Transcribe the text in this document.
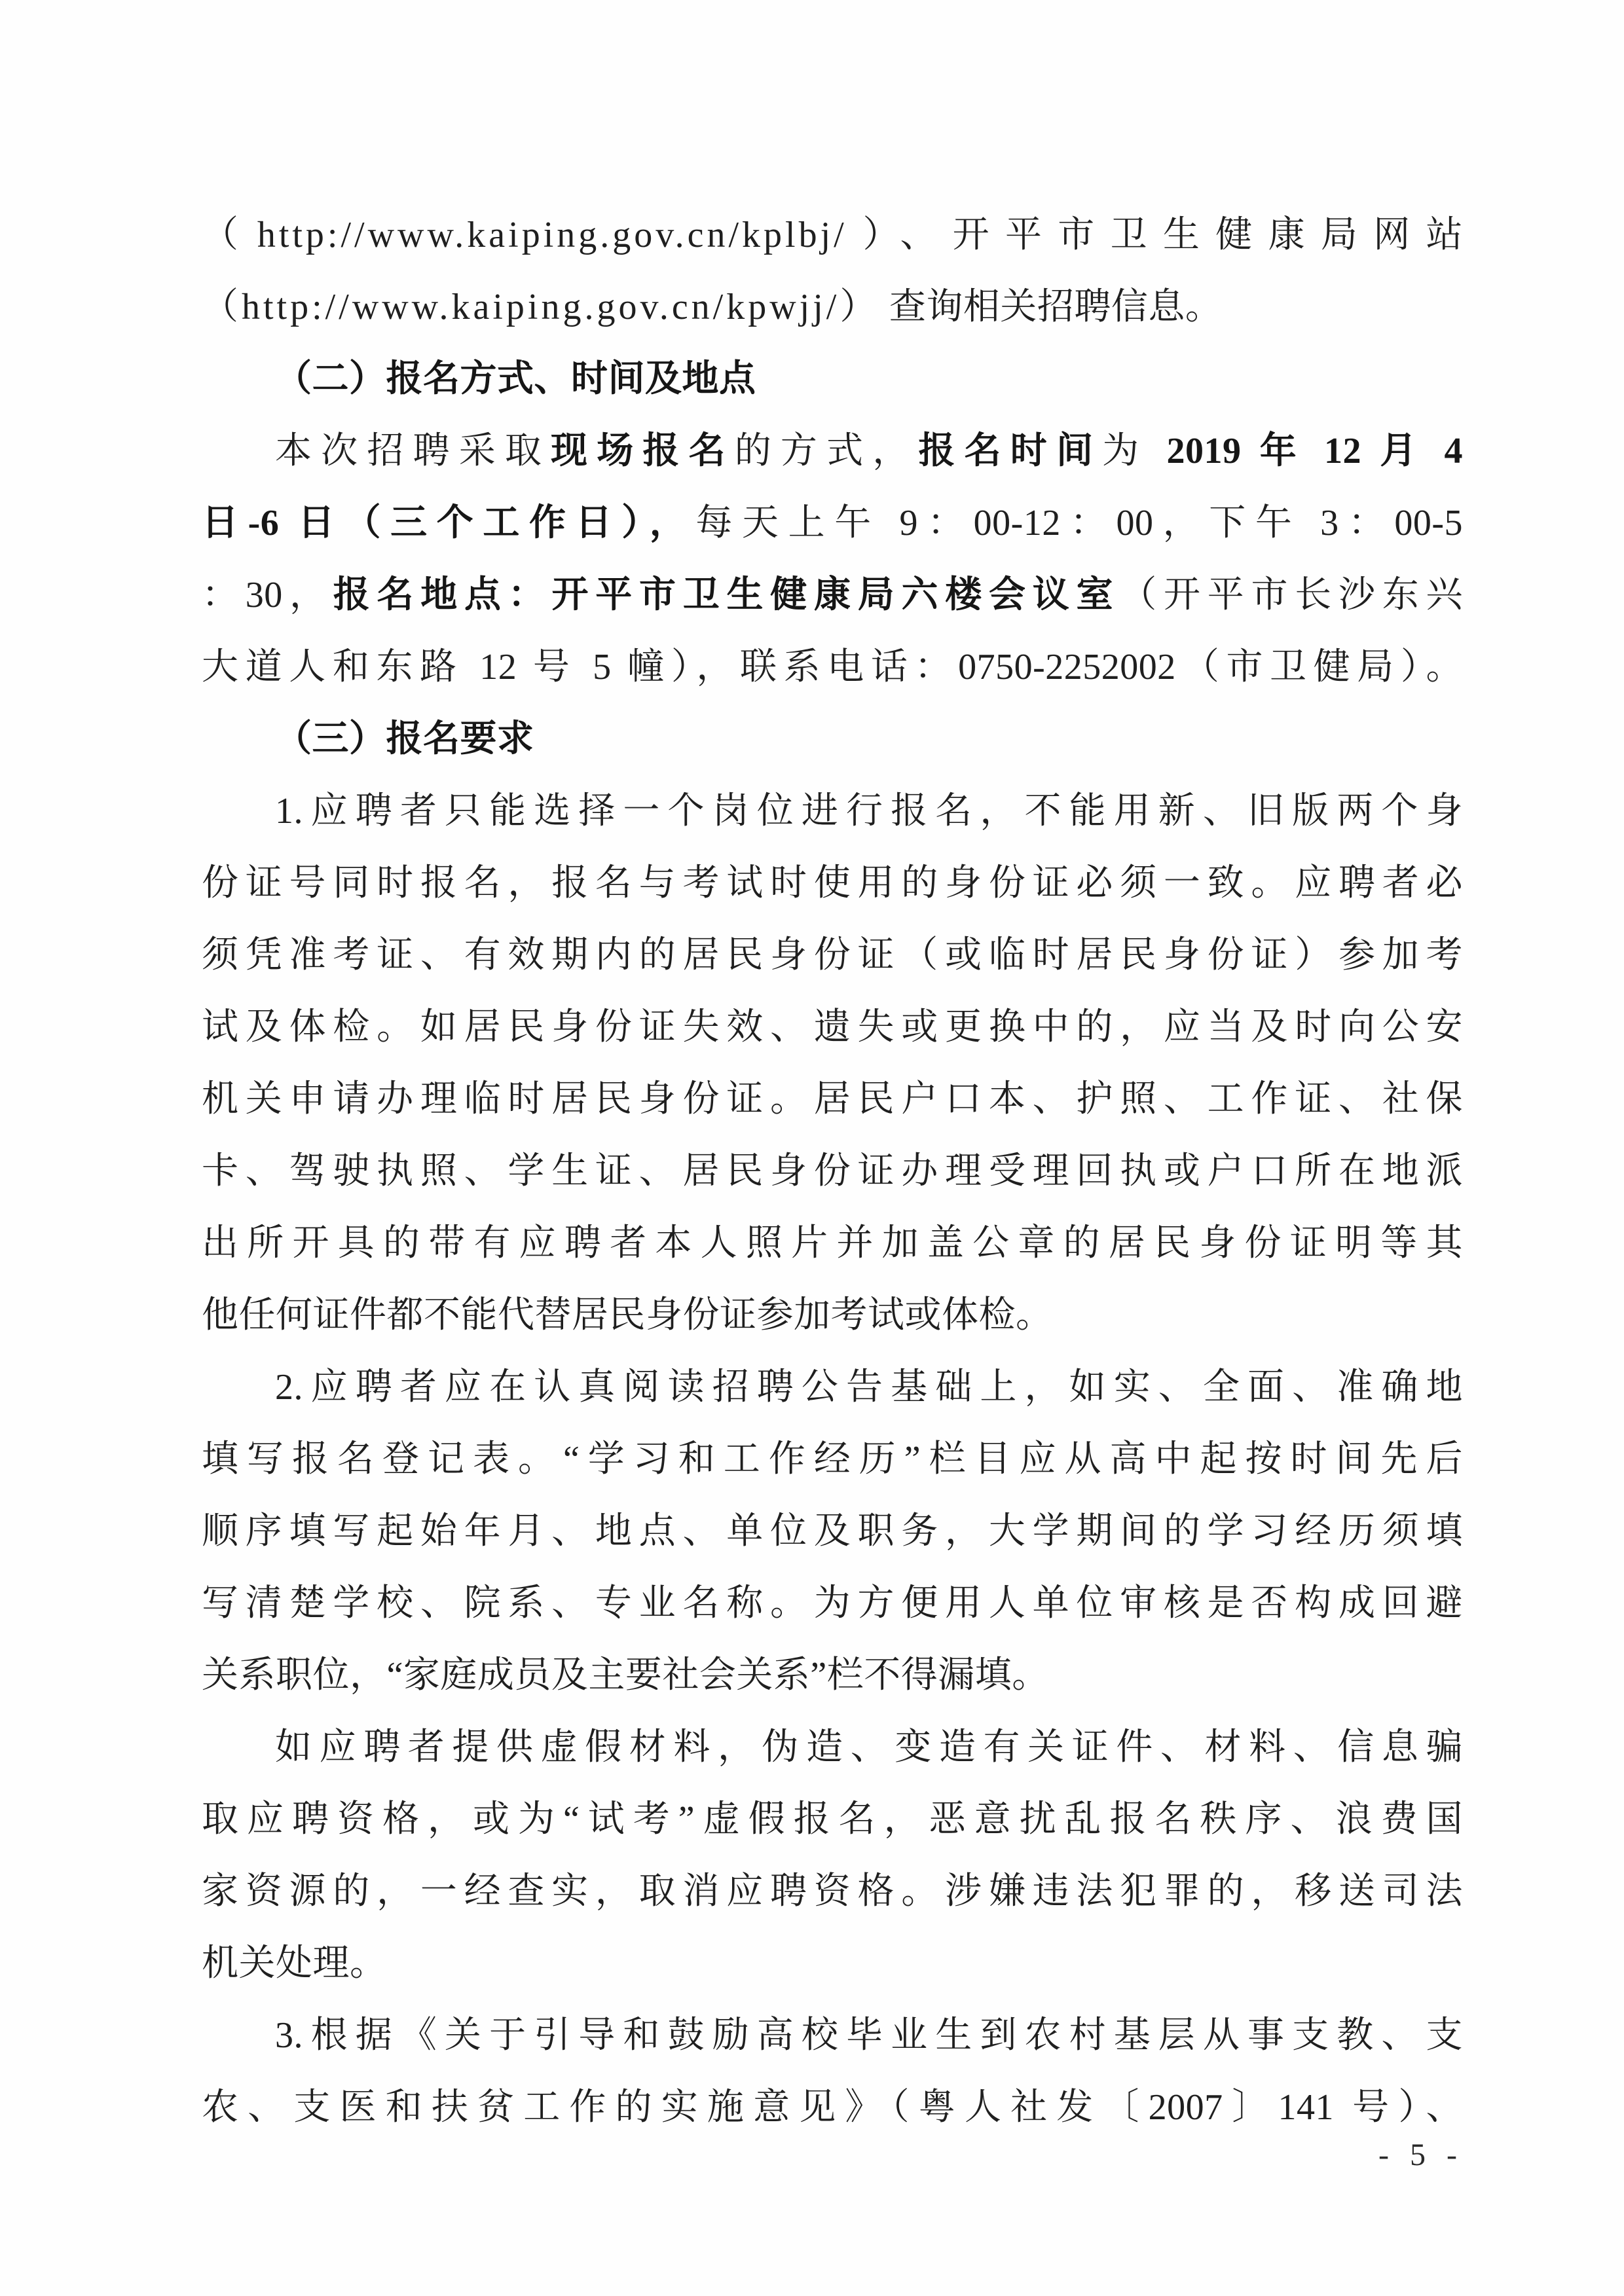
（http://www.kaiping.gov.cn/kplbj/）、开平市卫生健康局网站
（http://www.kaiping.gov.cn/kpwjj/） 查询相关招聘信息。
（二）报名方式、时间及地点
本次招聘采取现场报名的方式，报名时间为 2019 年 12 月 4
日-6 日（三个工作日），每天上午 9：00-12：00，下午 3：00-5
：30，报名地点：开平市卫生健康局六楼会议室（开平市长沙东兴
大道人和东路 12 号 5 幢），联系电话：0750-2252002（市卫健局）。
（三）报名要求
1.应聘者只能选择一个岗位进行报名，不能用新、旧版两个身
份证号同时报名，报名与考试时使用的身份证必须一致。应聘者必
须凭准考证、有效期内的居民身份证（或临时居民身份证）参加考
试及体检。如居民身份证失效、遗失或更换中的，应当及时向公安
机关申请办理临时居民身份证。居民户口本、护照、工作证、社保
卡、驾驶执照、学生证、居民身份证办理受理回执或户口所在地派
出所开具的带有应聘者本人照片并加盖公章的居民身份证明等其
他任何证件都不能代替居民身份证参加考试或体检。
2.应聘者应在认真阅读招聘公告基础上，如实、全面、准确地
填写报名登记表。“学习和工作经历”栏目应从高中起按时间先后
顺序填写起始年月、地点、单位及职务，大学期间的学习经历须填
写清楚学校、院系、专业名称。为方便用人单位审核是否构成回避
关系职位，“家庭成员及主要社会关系”栏不得漏填。
如应聘者提供虚假材料，伪造、变造有关证件、材料、信息骗
取应聘资格，或为“试考”虚假报名，恶意扰乱报名秩序、浪费国
家资源的，一经查实，取消应聘资格。涉嫌违法犯罪的，移送司法
机关处理。
3.根据《关于引导和鼓励高校毕业生到农村基层从事支教、支
农、支医和扶贫工作的实施意见》（粤人社发〔2007〕141 号）、
- 5 -
